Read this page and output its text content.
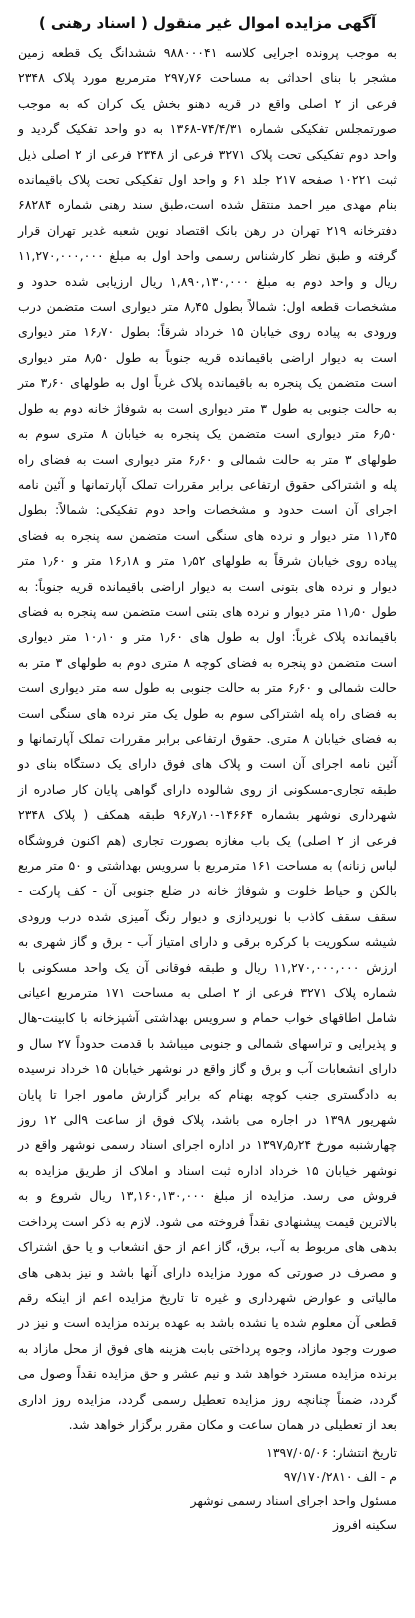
آگهی مزایده اموال غیر منقول ( اسناد رهنی )

به موجب پرونده اجرایی کلاسه ۹۸۸۰۰۰۴۱ ششدانگ یک قطعه زمین مشجر با بنای احداثی به مساحت ۲۹۷٫۷۶ مترمربع مورد پلاک ۲۳۴۸ فرعی از ۲ اصلی واقع در قریه دهنو بخش یک کران که به موجب صورتمجلس تفکیکی شماره ۷۴/۴/۳۱-۱۳۶۸ به دو واحد تفکیک گردید و واحد دوم تفکیکی تحت پلاک ۳۲۷۱ فرعی از ۲۳۴۸ فرعی از ۲ اصلی ذیل ثبت ۱۰۲۲۱ صفحه ۲۱۷ جلد ۶۱ و واحد اول تفکیکی تحت پلاک باقیمانده بنام مهدی میر احمد منتقل شده است،طبق سند رهنی شماره ۶۸۲۸۴ دفترخانه ۲۱۹ تهران در رهن بانک اقتصاد نوین شعبه غدیر تهران قرار گرفته و طبق نظر کارشناس رسمی واحد اول به مبلغ ۱۱,۲۷۰,۰۰۰,۰۰۰ ریال و واحد دوم به مبلغ ۱,۸۹۰,۱۳۰,۰۰۰ ریال ارزیابی شده حدود و مشخصات قطعه اول: شمالاً بطول ۸٫۴۵ متر دیواری است متضمن درب ورودی به پیاده روی خیابان ۱۵ خرداد شرقاً: بطول ۱۶٫۷۰ متر دیواری است به دیوار اراضی باقیمانده قریه جنوباً به طول ۸٫۵۰ متر دیواری است متضمن یک پنجره به باقیمانده پلاک غرباً اول به طولهای ۳٫۶۰ متر به حالت جنوبی به طول ۳ متر دیواری است به شوفاژ خانه دوم به طول ۶٫۵۰ متر دیواری است متضمن یک پنجره به خیابان ۸ متری سوم به طولهای ۳ متر به حالت شمالی و ۶٫۶۰ متر دیواری است به فضای راه پله و اشتراکی حقوق ارتفاعی برابر مقررات تملک آپارتمانها و آئین نامه اجرای آن است حدود و مشخصات واحد دوم تفکیکی: شمالاً: بطول ۱۱٫۴۵ متر دیوار و نرده های سنگی است متضمن سه پنجره به فضای پیاده روی خیابان شرقاً به طولهای ۱٫۵۲ متر و ۱۶٫۱۸ متر و ۱٫۶۰ متر دیوار و نرده های بتونی است به دیوار اراضی باقیمانده قریه جنوباً: به طول ۱۱٫۵۰ متر دیوار و نرده های بتنی است متضمن سه پنجره به فضای باقیمانده پلاک غرباً: اول به طول های ۱٫۶۰ متر و ۱۰٫۱۰ متر دیواری است متضمن دو پنجره به فضای کوچه ۸ متری دوم به طولهای ۳ متر به حالت شمالی و ۶٫۶۰ متر به حالت جنوبی به طول سه متر دیواری است به فضای راه پله اشتراکی سوم به طول یک متر نرده های سنگی است به فضای خیابان ۸ متری. حقوق ارتفاعی برابر مقررات تملک آپارتمانها و آئین نامه اجرای آن است و پلاک های فوق دارای یک دستگاه بنای دو طبقه تجاری-مسکونی از روی شالوده دارای گواهی پایان کار صادره از شهرداری نوشهر بشماره ۱۴۶۶۴-۹۶٫۷٫۱۰ طبقه همکف ( پلاک ۲۳۴۸ فرعی از ۲ اصلی) یک باب مغازه بصورت تجاری (هم اکنون فروشگاه لباس زنانه) به مساحت ۱۶۱ مترمربع با سرویس بهداشتی و ۵۰ متر مربع بالکن و حیاط خلوت و شوفاژ خانه در ضلع جنوبی آن - کف پارکت - سقف سقف کاذب با نورپردازی و دیوار رنگ آمیزی شده درب ورودی شیشه سکوریت با کرکره برقی و دارای امتیاز آب - برق و گاز شهری به ارزش ۱۱,۲۷۰,۰۰۰,۰۰۰ ریال و طبقه فوقانی آن یک واحد مسکونی با شماره پلاک ۳۲۷۱ فرعی از ۲ اصلی به مساحت ۱۷۱ مترمربع اعیانی شامل اطاقهای خواب حمام و سرویس بهداشتی آشپزخانه با کابینت-هال و پذیرایی و تراسهای شمالی و جنوبی میباشد با قدمت حدوداً ۲۷ سال و دارای انشعابات آب و برق و گاز واقع در نوشهر خیابان ۱۵ خرداد نرسیده به دادگستری جنب کوچه بهنام که برابر گزارش مامور اجرا تا پایان شهریور ۱۳۹۸ در اجاره می باشد، پلاک فوق از ساعت ۹الی ۱۲ روز چهارشنبه مورخ ۱۳۹۷٫۵٫۲۴ در اداره اجرای اسناد رسمی نوشهر واقع در نوشهر خیابان ۱۵ خرداد اداره ثبت اسناد و املاک از طریق مزایده به فروش می رسد. مزایده از مبلغ ۱۳,۱۶۰,۱۳۰,۰۰۰ ریال شروع و به بالاترین قیمت پیشنهادی نقداً فروخته می شود. لازم به ذکر است پرداخت بدهی های مربوط به آب، برق، گاز اعم از حق انشعاب و یا حق اشتراک و مصرف در صورتی که مورد مزایده دارای آنها باشد و نیز بدهی های مالیاتی و عوارض شهرداری و غیره تا تاریخ مزایده اعم از اینکه رقم قطعی آن معلوم شده یا نشده باشد به عهده برنده مزایده است و نیز در صورت وجود مازاد، وجوه پرداختی بابت هزینه های فوق از محل مازاد به برنده مزایده مسترد خواهد شد و نیم عشر و حق مزایده نقداً وصول می گردد، ضمناً چنانچه روز مزایده تعطیل رسمی گردد، مزایده روز اداری بعد از تعطیلی در همان ساعت و مکان مقرر برگزار خواهد شد.

تاریخ انتشار: ۱۳۹۷/۰۵/۰۶
م - الف ۹۷/۱۷۰/۲۸۱۰
مسئول واحد اجرای اسناد رسمی نوشهر
سکینه افروز
